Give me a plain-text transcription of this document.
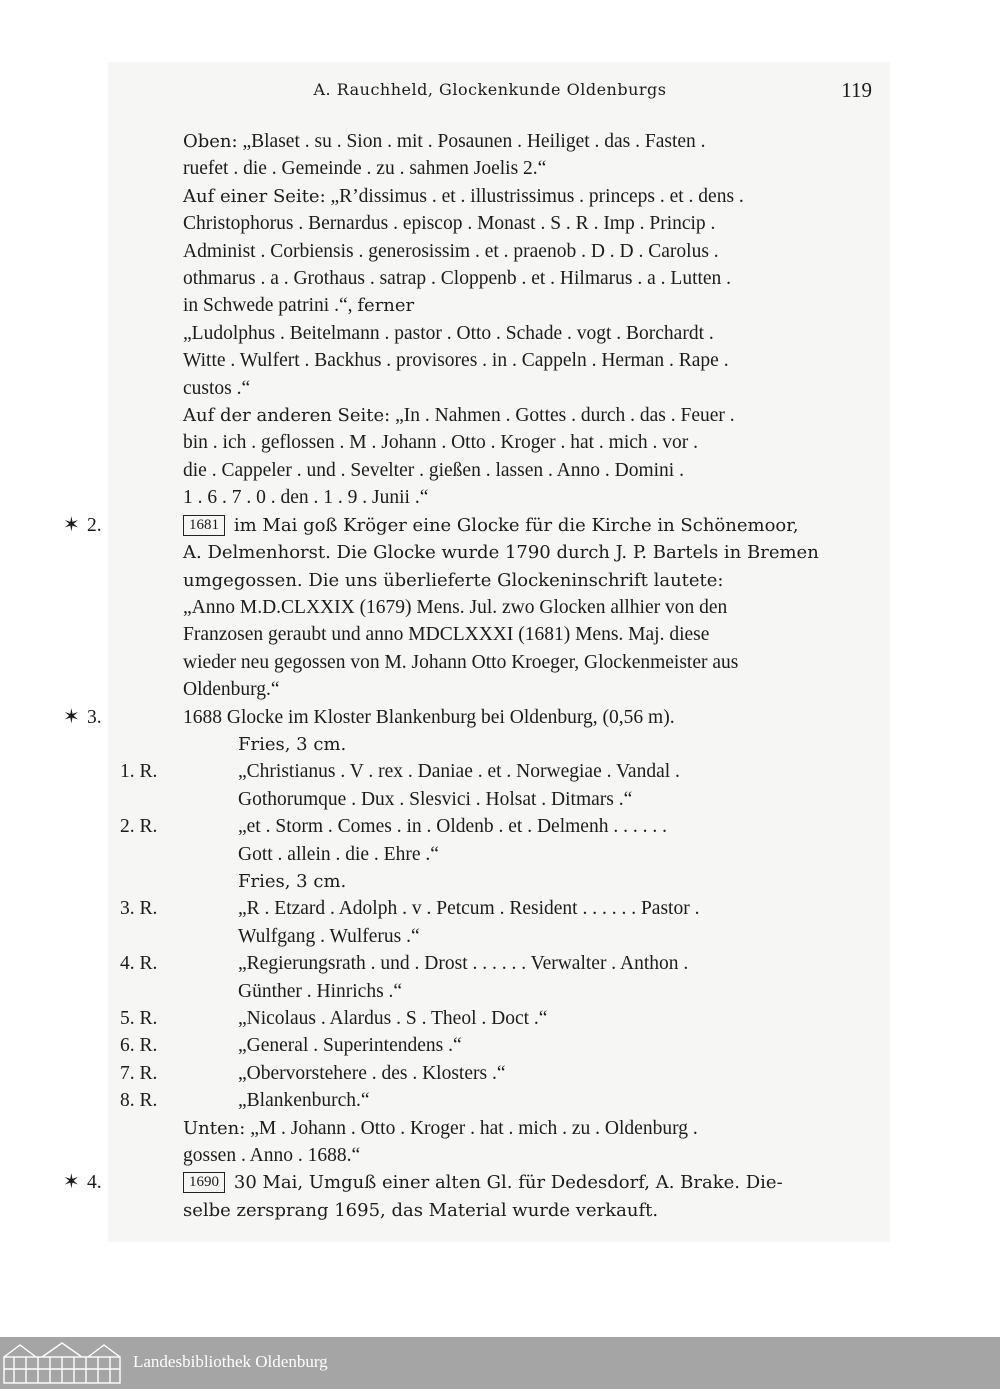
A. Rauchheld, Glockenkunde Oldenburgs	119

Oben: „Blaset . su . Sion . mit . Posaunen . Heiliget . das . Fasten .
ruefet . die . Gemeinde . zu . sahmen Joelis 2.“

Auf einer Seite: „R’dissimus . et . illustrissimus . princeps . et . dens .
Christophorus . Bernardus . episcop . Monast . S . R . Imp . Princip .
Administ . Corbiensis . generosissim . et . praenob . D . D . Carolus .
othmarus . a . Grothaus . satrap . Cloppenb . et . Hilmarus . a . Lutten .
in Schwede patrini .“, ferner

„Ludolphus . Beitelmann . pastor . Otto . Schade . vogt . Borchardt .
Witte . Wulfert . Backhus . provisores . in . Cappeln . Herman . Rape .
custos .“

Auf der anderen Seite: „In . Nahmen . Gottes . durch . das . Feuer .
bin . ich . geflossen . M . Johann . Otto . Kroger . hat . mich . vor .
die . Cappeler . und . Sevelter . gießen . lassen . Anno . Domini .
1 . 6 . 7 . 0 . den . 1 . 9 . Junii .“

✶ 2.	1681 im Mai goß Kröger eine Glocke für die Kirche in Schönemoor,
A. Delmenhorst. Die Glocke wurde 1790 durch J. P. Bartels in Bremen
umgegossen. Die uns überlieferte Glockeninschrift lautete:
„Anno M.D.CLXXIX (1679) Mens. Jul. zwo Glocken allhier von den
Franzosen geraubt und anno MDCLXXXI (1681) Mens. Maj. diese
wieder neu gegossen von M. Johann Otto Kroeger, Glockenmeister aus
Oldenburg.“

✶ 3.	1688 Glocke im Kloster Blankenburg bei Oldenburg, (0,56 m).

Fries, 3 cm.

1. R.	„Christianus . V . rex . Daniae . et . Norwegiae . Vandal .
Gothorumque . Dux . Slesvici . Holsat . Ditmars .“

2. R.	„et . Storm . Comes . in . Oldenb . et . Delmenh . . . . . .
Gott . allein . die . Ehre .“
Fries, 3 cm.

3. R.	„R . Etzard . Adolph . v . Petcum . Resident . . . . . . Pastor .
Wulfgang . Wulferus .“

4. R.	„Regierungsrath . und . Drost . . . . . . Verwalter . Anthon .
Günther . Hinrichs .“

5. R.	„Nicolaus . Alardus . S . Theol . Doct .“

6. R.	„General . Superintendens .“

7. R.	„Obervorstehere . des . Klosters .“

8. R.	„Blankenburch.“

Unten: „M . Johann . Otto . Kroger . hat . mich . zu . Oldenburg .
gossen . Anno . 1688.“

✶ 4.	1690 30 Mai, Umguß einer alten Gl. für Dedesdorf, A. Brake. Die-
selbe zersprang 1695, das Material wurde verkauft.

Landesbibliothek Oldenburg
